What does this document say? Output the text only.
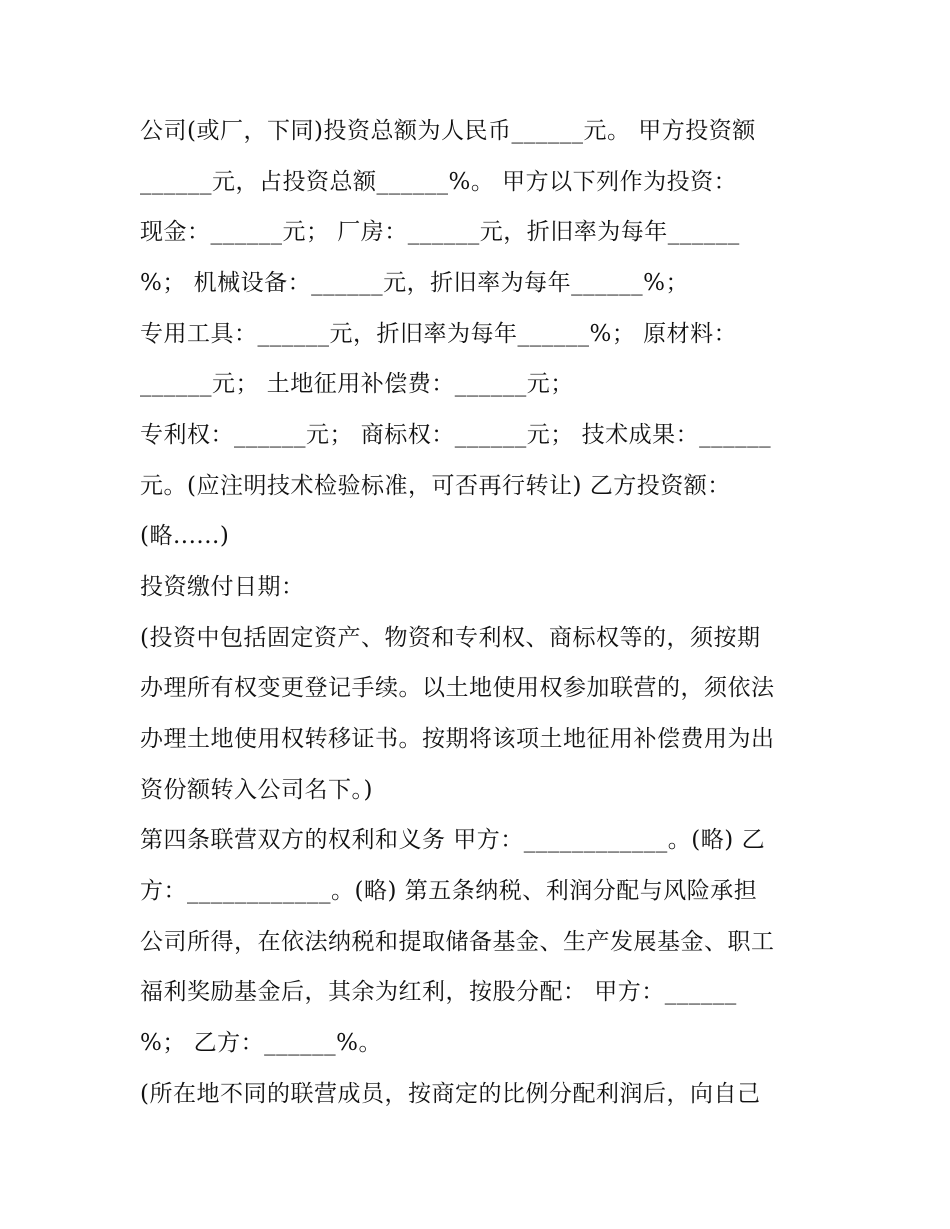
公司(或厂，下同)投资总额为人民币______元。 甲方投资额
______元，占投资总额______%。 甲方以下列作为投资：
现金：______元； 厂房：______元，折旧率为每年______
%； 机械设备：______元，折旧率为每年______%；
专用工具：______元，折旧率为每年______%； 原材料：
______元； 土地征用补偿费：______元；
专利权：______元； 商标权：______元； 技术成果：______
元。(应注明技术检验标准，可否再行转让) 乙方投资额：
(略......)
投资缴付日期：
(投资中包括固定资产、物资和专利权、商标权等的，须按期
办理所有权变更登记手续。以土地使用权参加联营的，须依法
办理土地使用权转移证书。按期将该项土地征用补偿费用为出
资份额转入公司名下。)
第四条联营双方的权利和义务 甲方：____________。(略) 乙
方：____________。(略) 第五条纳税、利润分配与风险承担
公司所得，在依法纳税和提取储备基金、生产发展基金、职工
福利奖励基金后，其余为红利，按股分配： 甲方：______
%； 乙方：______%。
(所在地不同的联营成员，按商定的比例分配利润后，向自己
